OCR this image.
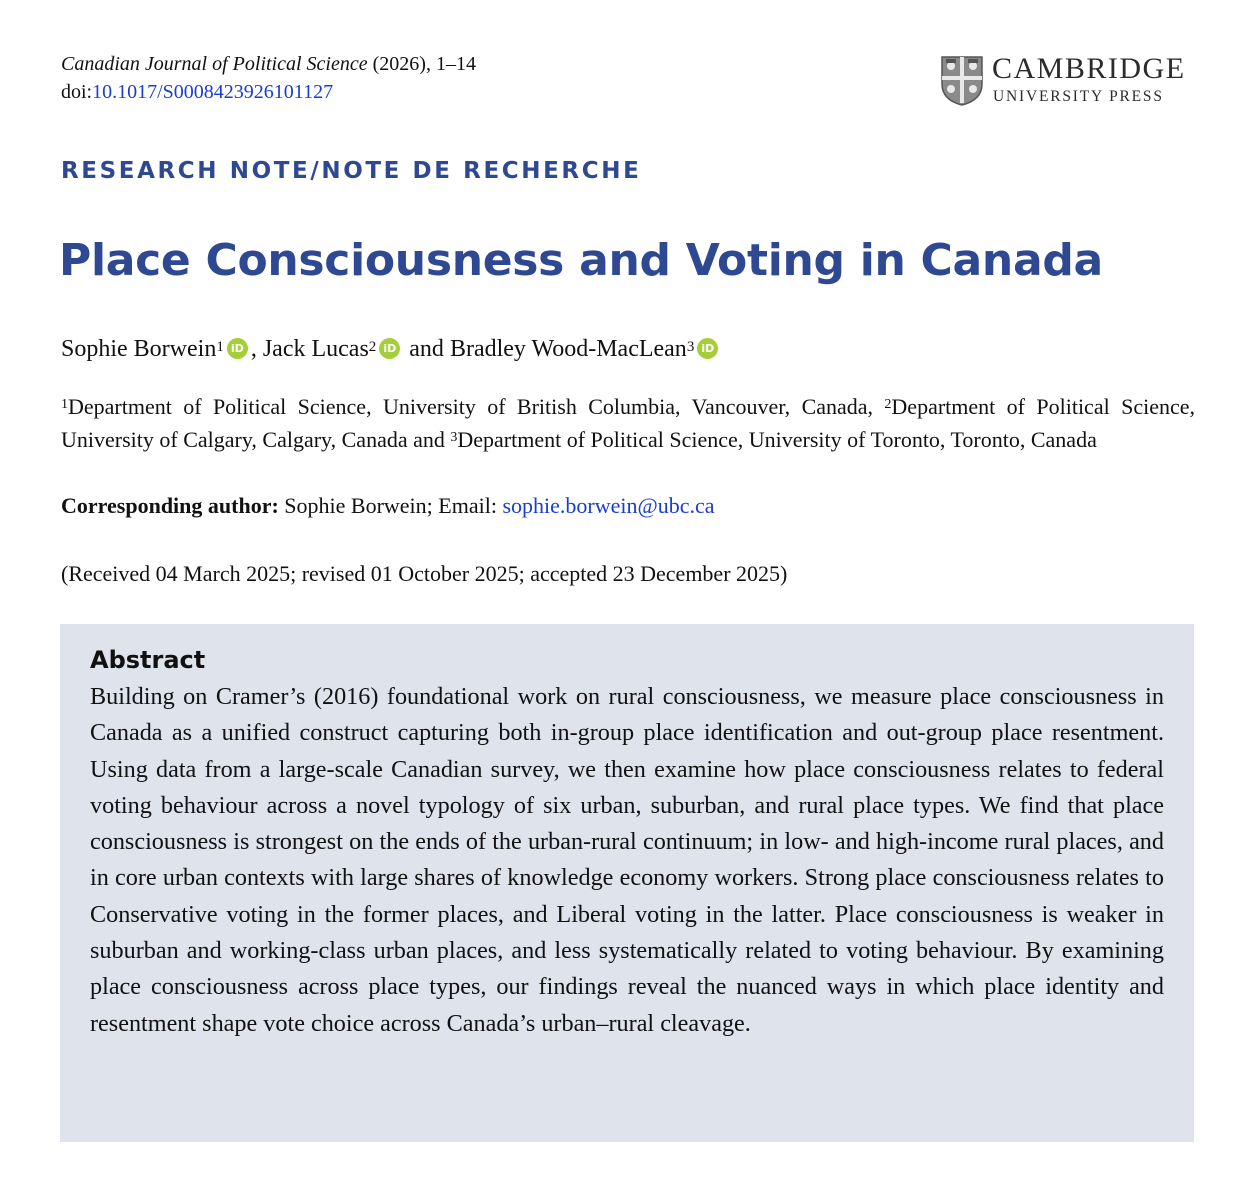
Canadian Journal of Political Science (2026), 1–14
doi:10.1017/S0008423926101127
CAMBRIDGE
UNIVERSITY PRESS
RESEARCH NOTE/NOTE DE RECHERCHE
Place Consciousness and Voting in Canada
Sophie Borwein$^1$ iD , Jack Lucas$^2$ iD and Bradley Wood-MacLean$^3$ iD
$^1$Department of Political Science, University of British Columbia, Vancouver, Canada, $^2$Department of Political Science, University of Calgary, Calgary, Canada and $^3$Department of Political Science, University of Toronto, Toronto, Canada
Corresponding author: Sophie Borwein; Email: sophie.borwein@ubc.ca
(Received 04 March 2025; revised 01 October 2025; accepted 23 December 2025)
Abstract
Building on Cramer’s (2016) foundational work on rural consciousness, we measure place consciousness in Canada as a unified construct capturing both in-group place identification and out-group place resentment. Using data from a large-scale Canadian survey, we then examine how place consciousness relates to federal voting behaviour across a novel typology of six urban, suburban, and rural place types. We find that place consciousness is strongest on the ends of the urban-rural continuum; in low- and high-income rural places, and in core urban contexts with large shares of knowledge economy workers. Strong place consciousness relates to Conservative voting in the former places, and Liberal voting in the latter. Place consciousness is weaker in suburban and working-class urban places, and less systematically related to voting behaviour. By examining place consciousness across place types, our findings reveal the nuanced ways in which place identity and resentment shape vote choice across Canada’s urban–rural cleavage.
